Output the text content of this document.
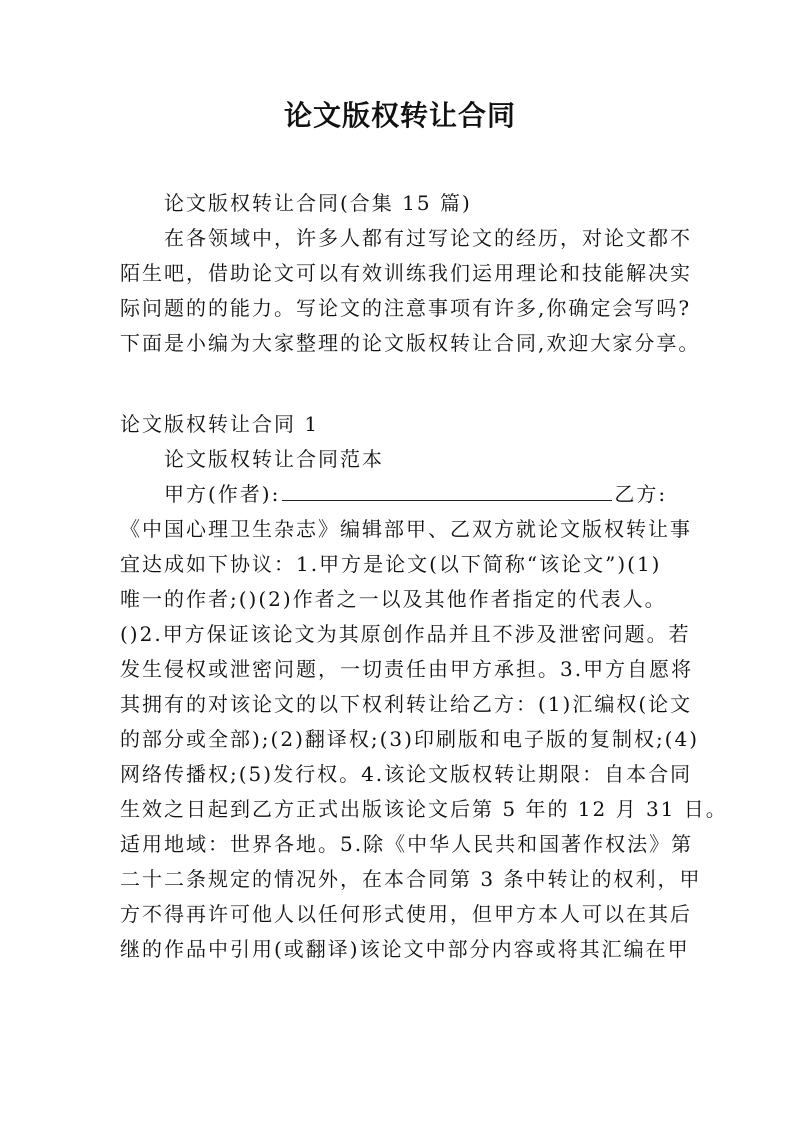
论文版权转让合同
论文版权转让合同(合集 15 篇)
在各领域中，许多人都有过写论文的经历，对论文都不
陌生吧，借助论文可以有效训练我们运用理论和技能解决实
际问题的的能力。写论文的注意事项有许多,你确定会写吗?
下面是小编为大家整理的论文版权转让合同,欢迎大家分享。
论文版权转让合同 1
论文版权转让合同范本
甲方(作者):	乙方:
《中国心理卫生杂志》编辑部甲、乙双方就论文版权转让事
宜达成如下协议：1.甲方是论文(以下简称“该论文”)(1)
唯一的作者;()(2)作者之一以及其他作者指定的代表人。
()2.甲方保证该论文为其原创作品并且不涉及泄密问题。若
发生侵权或泄密问题，一切责任由甲方承担。3.甲方自愿将
其拥有的对该论文的以下权利转让给乙方：(1)汇编权(论文
的部分或全部);(2)翻译权;(3)印刷版和电子版的复制权;(4)
网络传播权;(5)发行权。4.该论文版权转让期限：自本合同
生效之日起到乙方正式出版该论文后第 5 年的 12 月 31 日。
适用地域：世界各地。5.除《中华人民共和国著作权法》第
二十二条规定的情况外，在本合同第 3 条中转让的权利，甲
方不得再许可他人以任何形式使用，但甲方本人可以在其后
继的作品中引用(或翻译)该论文中部分内容或将其汇编在甲
